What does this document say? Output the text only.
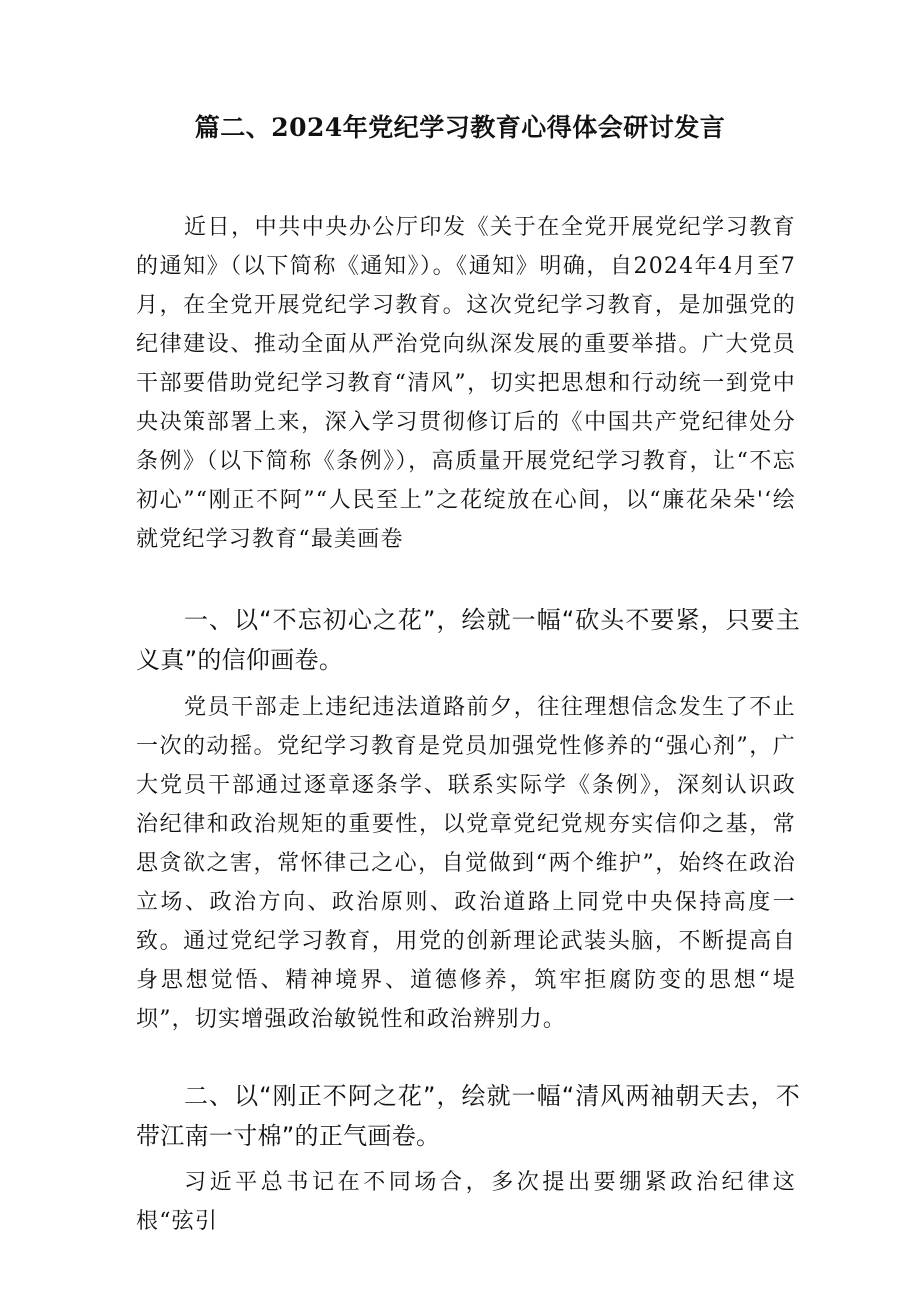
篇二、2024年党纪学习教育心得体会研讨发言
近日，中共中央办公厅印发《关于在全党开展党纪学习教育的通知》（以下简称《通知》）。《通知》明确，自2024年4月至7月，在全党开展党纪学习教育。这次党纪学习教育，是加强党的纪律建设、推动全面从严治党向纵深发展的重要举措。广大党员干部要借助党纪学习教育“清风”，切实把思想和行动统一到党中央决策部署上来，深入学习贯彻修订后的《中国共产党纪律处分条例》（以下简称《条例》），高质量开展党纪学习教育，让“不忘初心”“刚正不阿”“人民至上”之花绽放在心间，以“廉花朵朵'‘绘就党纪学习教育“最美画卷
一、以“不忘初心之花”，绘就一幅“砍头不要紧，只要主义真”的信仰画卷。
党员干部走上违纪违法道路前夕，往往理想信念发生了不止一次的动摇。党纪学习教育是党员加强党性修养的“强心剂”，广大党员干部通过逐章逐条学、联系实际学《条例》，深刻认识政治纪律和政治规矩的重要性，以党章党纪党规夯实信仰之基，常思贪欲之害，常怀律己之心，自觉做到“两个维护”，始终在政治立场、政治方向、政治原则、政治道路上同党中央保持高度一致。通过党纪学习教育，用党的创新理论武装头脑，不断提高自身思想觉悟、精神境界、道德修养，筑牢拒腐防变的思想“堤坝”，切实增强政治敏锐性和政治辨别力。
二、以“刚正不阿之花”，绘就一幅“清风两袖朝天去，不带江南一寸棉”的正气画卷。
习近平总书记在不同场合，多次提出要绷紧政治纪律这根“弦引
